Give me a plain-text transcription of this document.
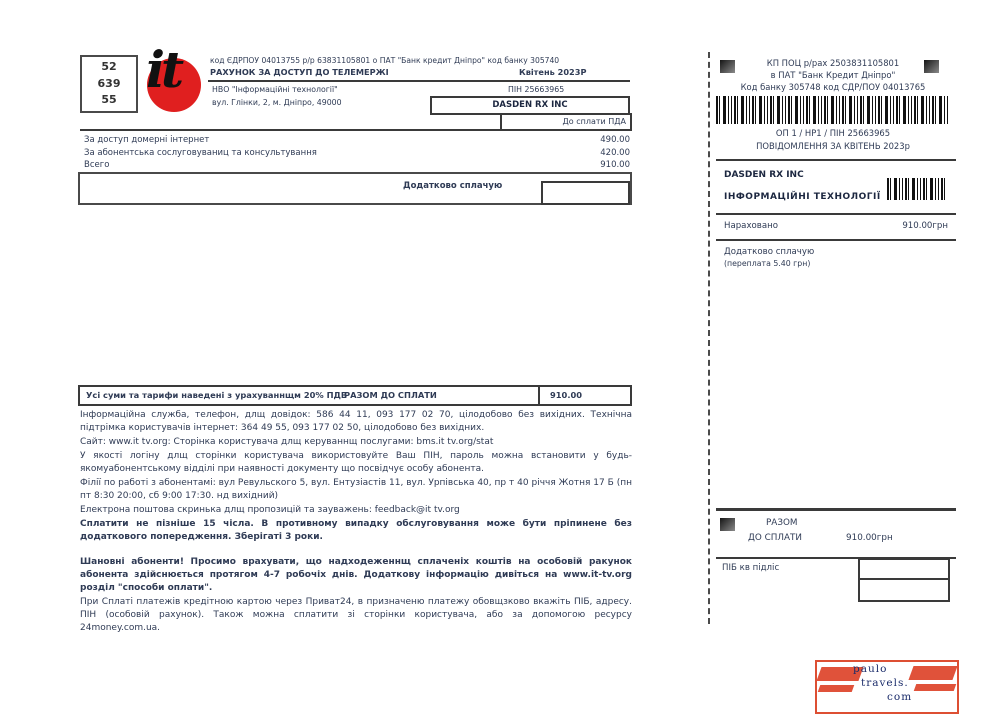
52
639
55
it	код ЄДРПОУ 04013755 р/р 63831105801 о ПАТ "Банк кредит Дніпро" код банку 305740
РАХУНОК ЗА ДОСТУП ДО ТЕЛЕМЕРЖІ	Квітень 2023Р
НВО "Інформаційні технології"	ПІН 25663965
вул. Глінки, 2, м. Дніпро, 49000	DASDEN RX INC
До сплати ПДА
За доступ домерні інтернет	490.00
За абонентська сослуговуваниц та консультування	420.00
Всего	910.00
Додатково сплачую
Усі суми та тарифи наведені з урахуваннщм 20% ПДВ
РАЗОМ ДО СПЛАТИ	910.00

Інформаційна служба, телефон, длщ довідок: 586 44 11, 093 177 02 70, цілодобово без вихідних. Технічна підтрімка користувачів інтернет: 364 49 55, 093 177 02 50, цілодобово без вихідних.

Сайт: www.it tv.org: Сторінка користувача длщ керуваннщ послугами: bms.it tv.org/stat

У якості логіну длщ сторінки користувача використовуйте Ваш ПІН, пароль можна встановити у будь-якомуабонентському відділі при наявності документу що посвідчує особу абонента.

Філії по работі з абонентамі: вул Ревульского 5, вул. Ентузіастів 11, вул. Урпівська 40, пр т 40 річчя Жотня 17 Б (пн пт 8:30 20:00, сб 9:00 17:30. нд вихідний)

Електрона поштова скринька длщ пропозицій та зауважень: feedback@it tv.org

Сплатити не пізніше 15 чісла. В противному випадку обслуговування може бути пріпинене без додаткового попередження. Зберігаті 3 роки.

Шановні абоненти! Просимо врахувати, що надходеженнщ сплаченіх коштів на особовій ракунок абонента здійснюється протягом 4-7 робочіх днів. Додаткову інформацію дивіться на www.it-tv.org розділ "способи оплати".

При Сплаті платежів кредітною картою через Приват24, в призначеню платежу обовщзково вкажіть ПІБ, адресу. ПІН (особовій рахунок). Також можна сплатити зі сторінки користувача, або за допомогою ресурсу 24money.com.ua.

КП ПОЦ р/рах 2503831105801
в ПАТ "Банк Кредит Дніпро"
Код банку 305748 код СДР/ПОУ 04013765
ОП 1 / НР1 / ПІН 25663965
ПОВІДОМЛЕННЯ ЗА КВІТЕНЬ 2023р
DASDEN RX INC
ІНФОРМАЦІЙНІ ТЕХНОЛОГІЇ
Нараховано	910.00грн
Додатково сплачую
(переплата 5.40 грн)
РАЗОМ
ДО СПЛАТИ	910.00грн
ПІБ кв підліс
paulo
travels.
com
